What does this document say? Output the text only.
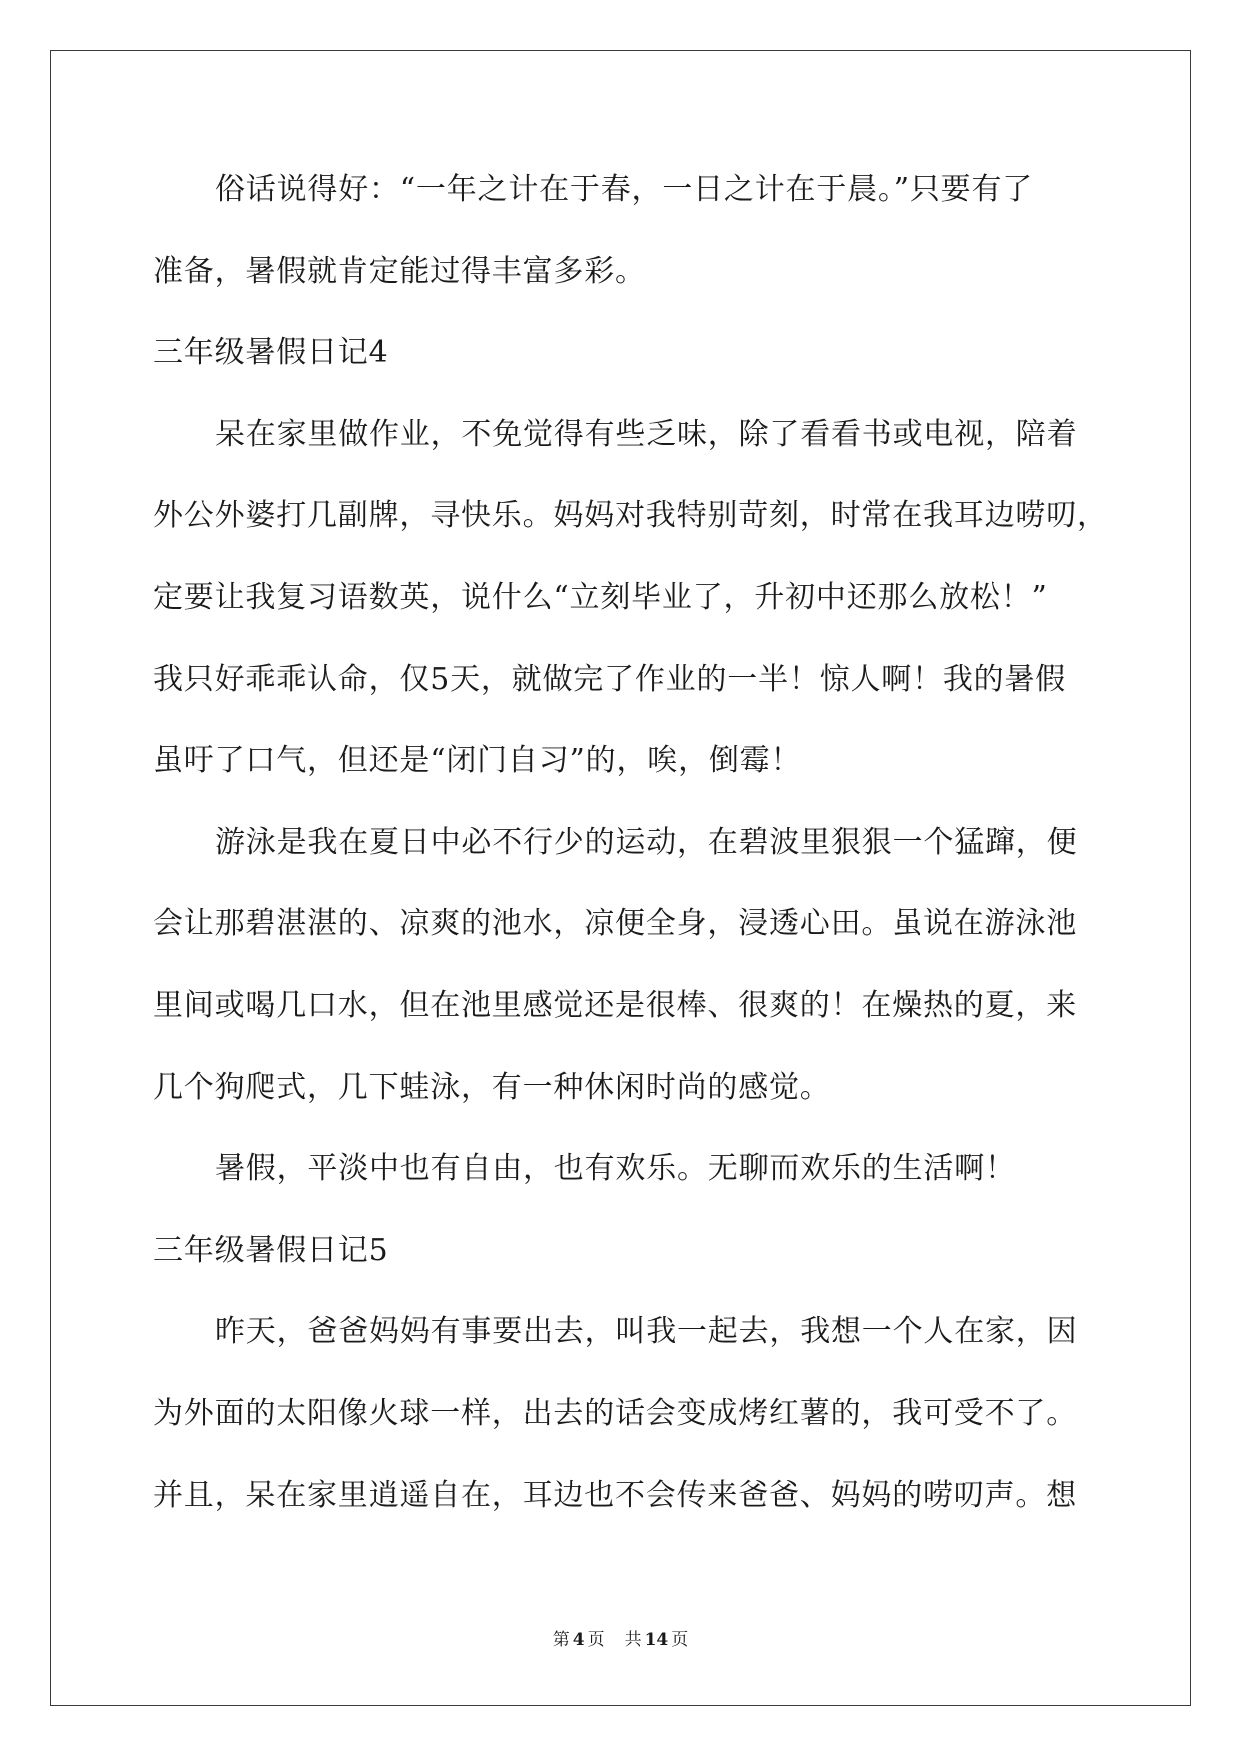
俗话说得好：“一年之计在于春，一日之计在于晨。”只要有了
准备，暑假就肯定能过得丰富多彩。
三年级暑假日记4
呆在家里做作业，不免觉得有些乏味，除了看看书或电视，陪着
外公外婆打几副牌，寻快乐。妈妈对我特别苛刻，时常在我耳边唠叨，
定要让我复习语数英，说什么“立刻毕业了，升初中还那么放松！”
我只好乖乖认命，仅5天，就做完了作业的一半！惊人啊！我的暑假
虽吁了口气，但还是“闭门自习”的，唉，倒霉！
游泳是我在夏日中必不行少的运动，在碧波里狠狠一个猛蹿，便
会让那碧湛湛的、凉爽的池水，凉便全身，浸透心田。虽说在游泳池
里间或喝几口水，但在池里感觉还是很棒、很爽的！在燥热的夏，来
几个狗爬式，几下蛙泳，有一种休闲时尚的感觉。
暑假，平淡中也有自由，也有欢乐。无聊而欢乐的生活啊！
三年级暑假日记5
昨天，爸爸妈妈有事要出去，叫我一起去，我想一个人在家，因
为外面的太阳像火球一样，出去的话会变成烤红薯的，我可受不了。
并且，呆在家里逍遥自在，耳边也不会传来爸爸、妈妈的唠叨声。想
第 4 页 共 14 页
